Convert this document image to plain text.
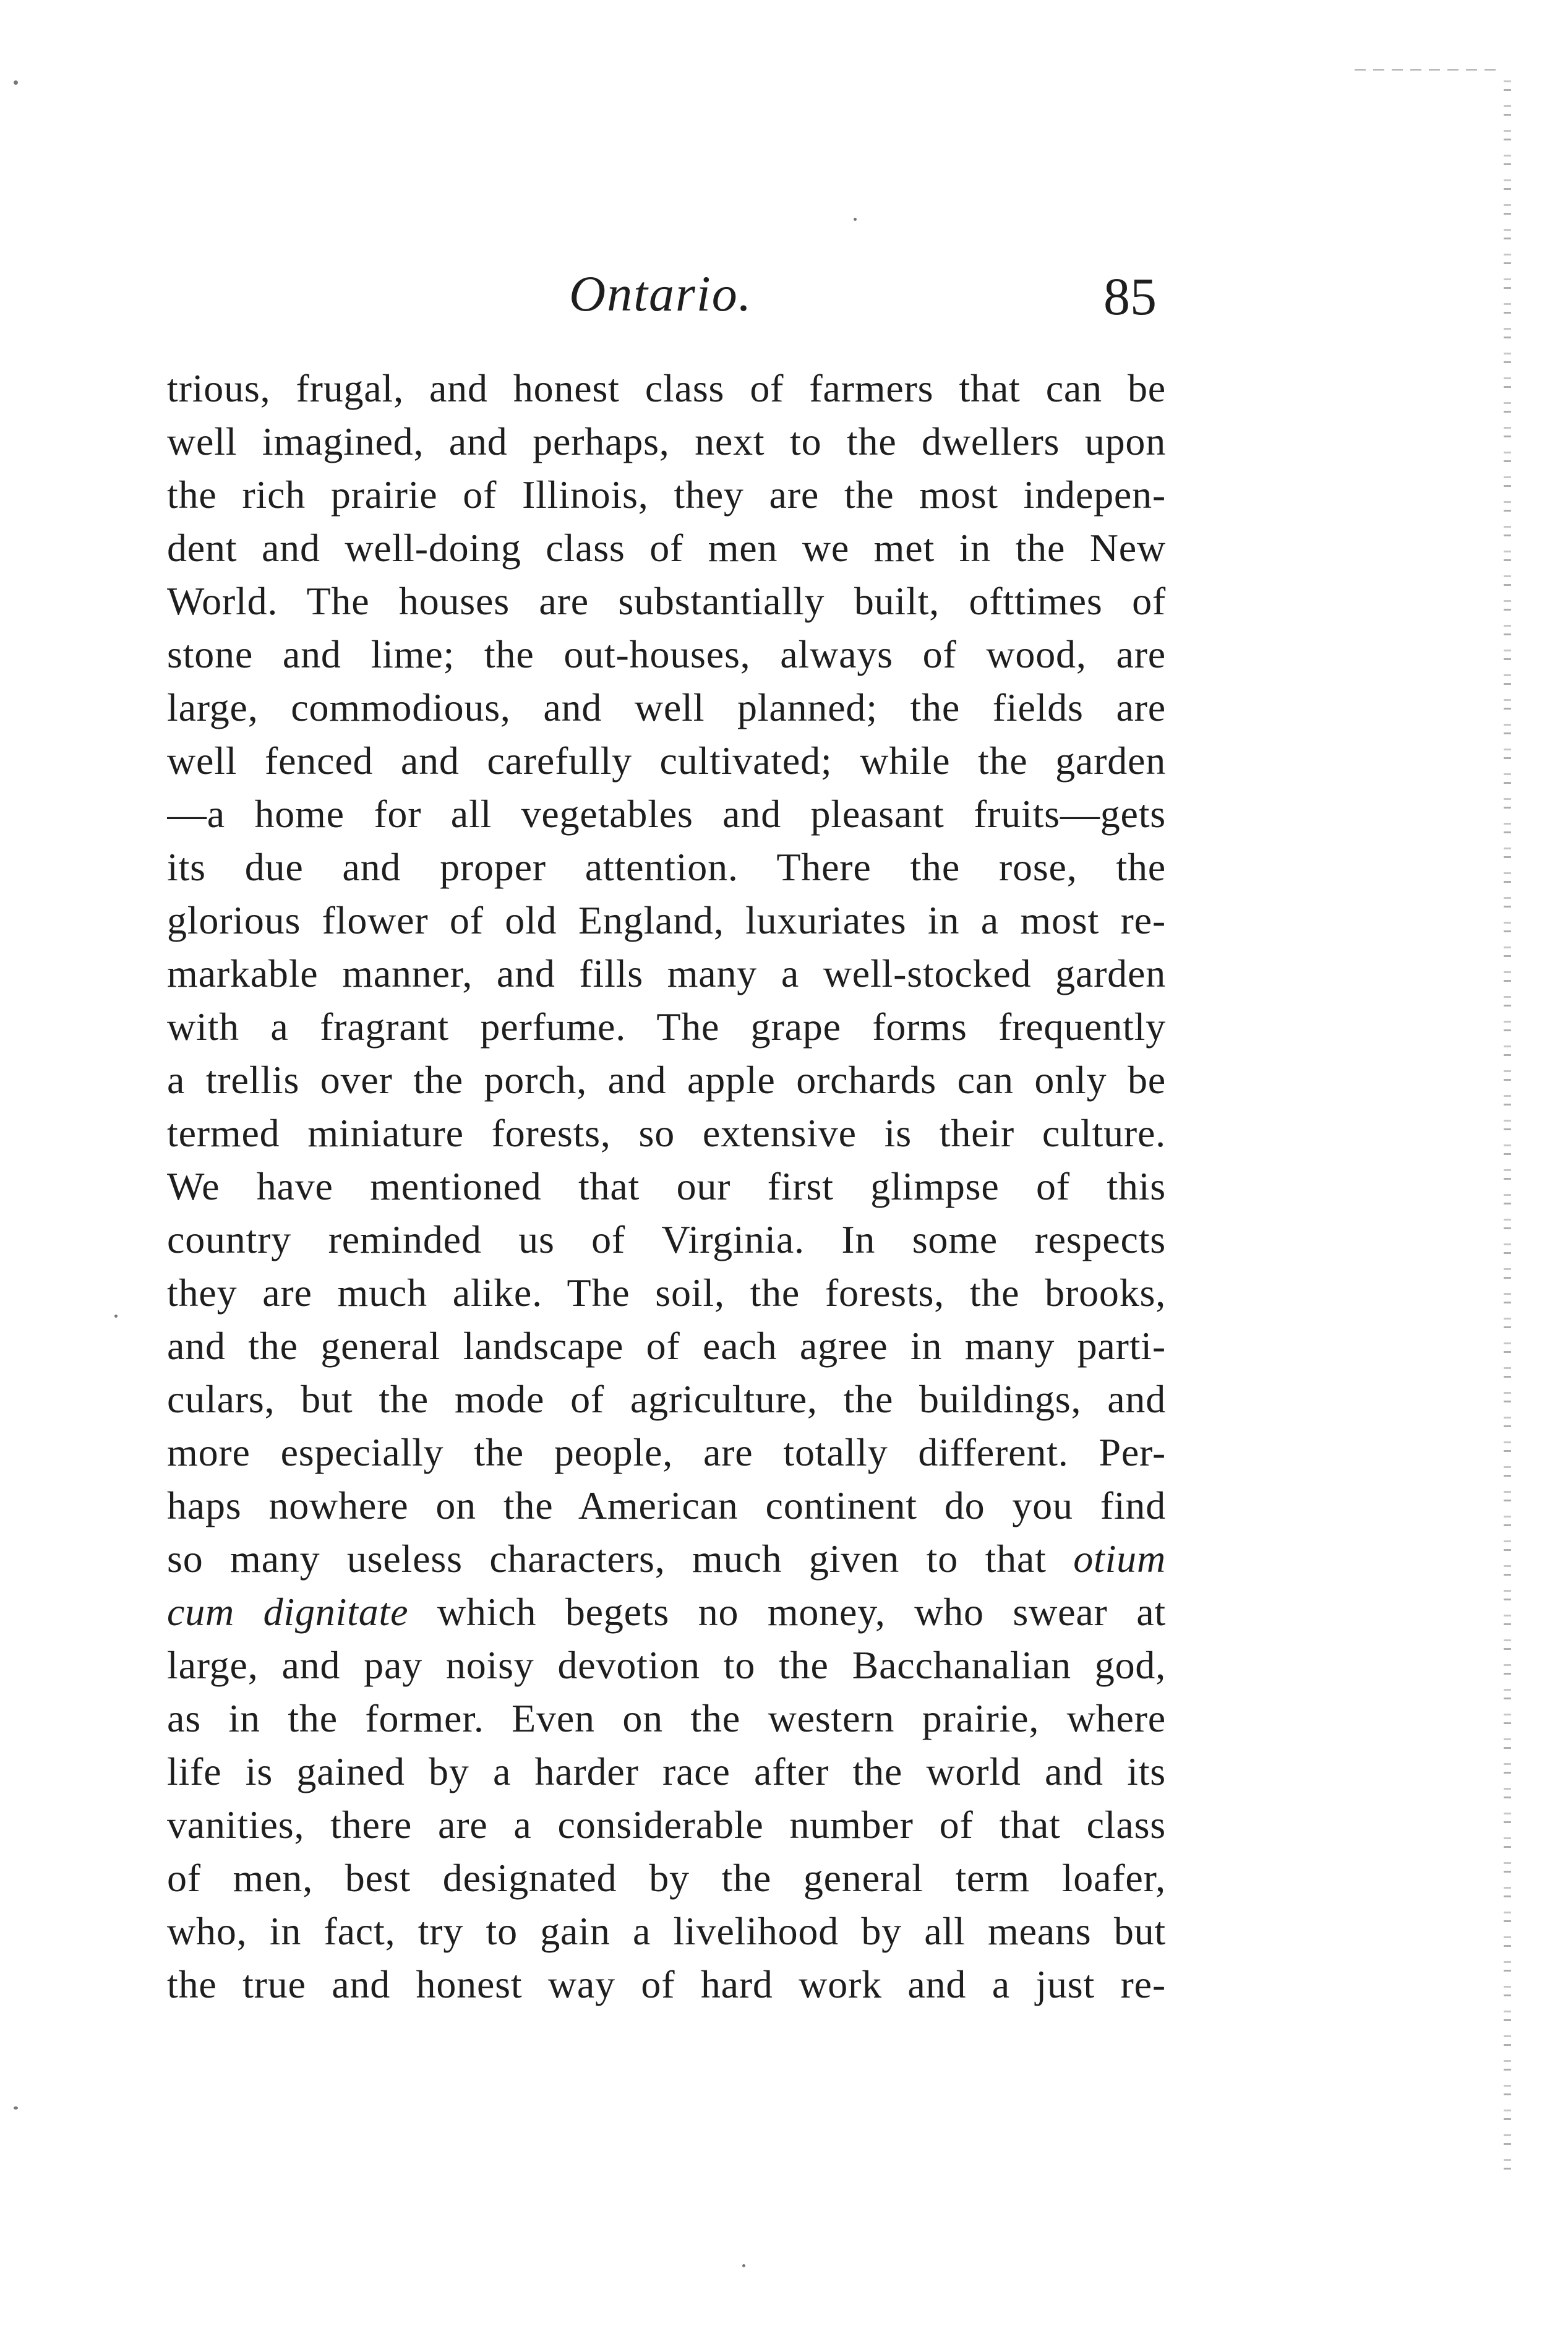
Ontario.	85
trious, frugal, and honest class of farmers that can be
well imagined, and perhaps, next to the dwellers upon
the rich prairie of Illinois, they are the most indepen-
dent and well-doing class of men we met in the New
World. The houses are substantially built, ofttimes of
stone and lime; the out-houses, always of wood, are
large, commodious, and well planned; the fields are
well fenced and carefully cultivated; while the garden
—a home for all vegetables and pleasant fruits—gets
its due and proper attention. There the rose, the
glorious flower of old England, luxuriates in a most re-
markable manner, and fills many a well-stocked garden
with a fragrant perfume. The grape forms frequently
a trellis over the porch, and apple orchards can only be
termed miniature forests, so extensive is their culture.
We have mentioned that our first glimpse of this
country reminded us of Virginia. In some respects
they are much alike. The soil, the forests, the brooks,
and the general landscape of each agree in many parti-
culars, but the mode of agriculture, the buildings, and
more especially the people, are totally different. Per-
haps nowhere on the American continent do you find
so many useless characters, much given to that otium
cum dignitate which begets no money, who swear at
large, and pay noisy devotion to the Bacchanalian god,
as in the former. Even on the western prairie, where
life is gained by a harder race after the world and its
vanities, there are a considerable number of that class
of men, best designated by the general term loafer,
who, in fact, try to gain a livelihood by all means but
the true and honest way of hard work and a just re-
